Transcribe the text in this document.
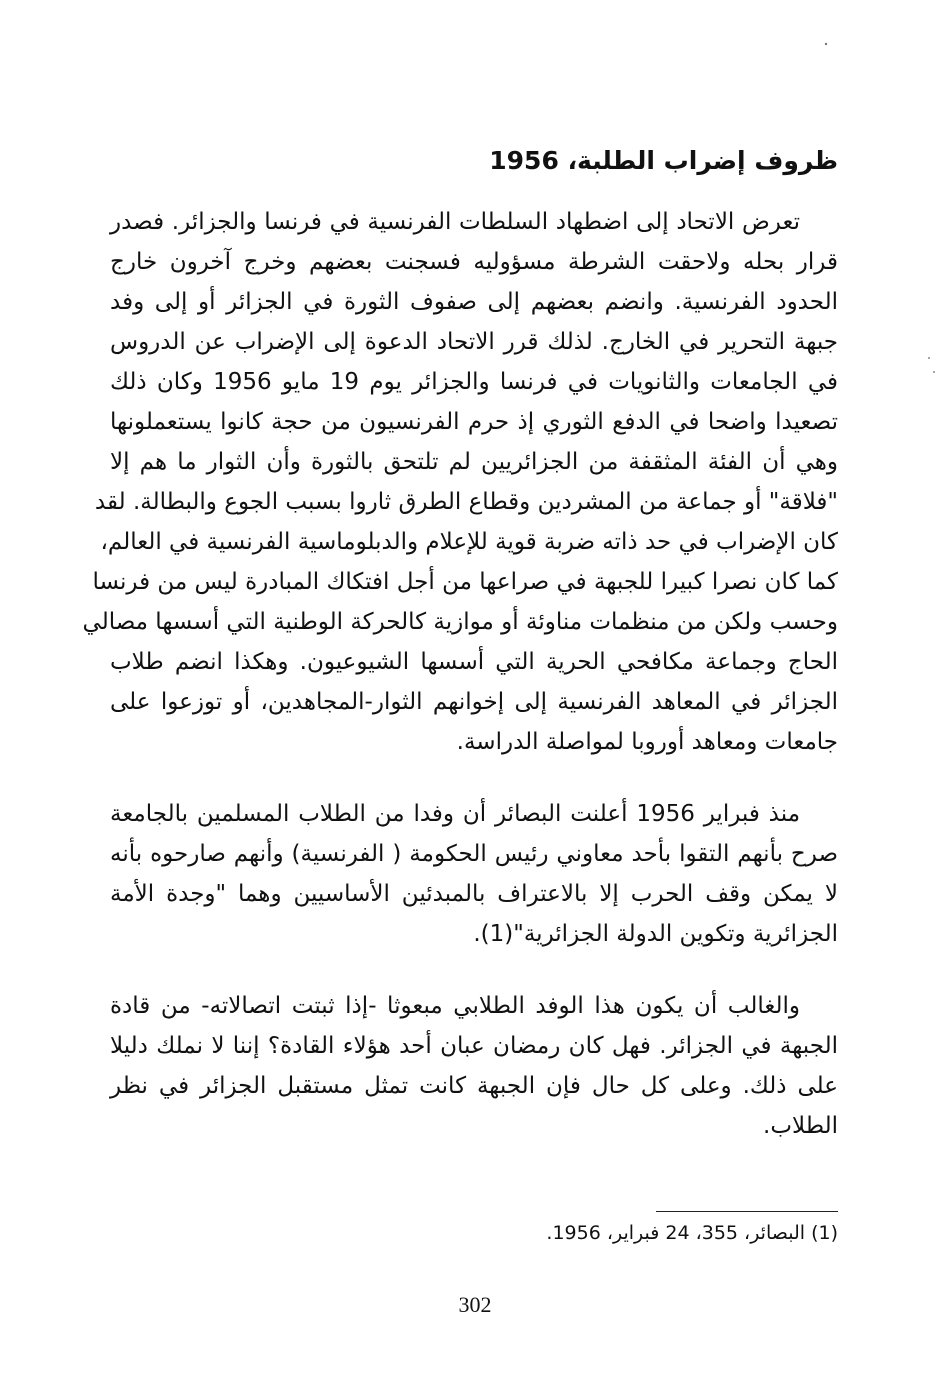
ظروف إضراب الطلبة، 1956
تعرض الاتحاد إلى اضطهاد السلطات الفرنسية في فرنسا والجزائر. فصدر
قرار بحله ولاحقت الشرطة مسؤوليه فسجنت بعضهم وخرج آخرون خارج
الحدود الفرنسية. وانضم بعضهم إلى صفوف الثورة في الجزائر أو إلى وفد
جبهة التحرير في الخارج. لذلك قرر الاتحاد الدعوة إلى الإضراب عن الدروس
في الجامعات والثانويات في فرنسا والجزائر يوم 19 مايو 1956 وكان ذلك
تصعيدا واضحا في الدفع الثوري إذ حرم الفرنسيون من حجة كانوا يستعملونها
وهي أن الفئة المثقفة من الجزائريين لم تلتحق بالثورة وأن الثوار ما هم إلا
"فلاقة" أو جماعة من المشردين وقطاع الطرق ثاروا بسبب الجوع والبطالة. لقد
كان الإضراب في حد ذاته ضربة قوية للإعلام والدبلوماسية الفرنسية في العالم،
كما كان نصرا كبيرا للجبهة في صراعها من أجل افتكاك المبادرة ليس من فرنسا
وحسب ولكن من منظمات مناوئة أو موازية كالحركة الوطنية التي أسسها مصالي
الحاج وجماعة مكافحي الحرية التي أسسها الشيوعيون. وهكذا انضم طلاب
الجزائر في المعاهد الفرنسية إلى إخوانهم الثوار-المجاهدين، أو توزعوا على
جامعات ومعاهد أوروبا لمواصلة الدراسة.
منذ فبراير 1956 أعلنت البصائر أن وفدا من الطلاب المسلمين بالجامعة
صرح بأنهم التقوا بأحد معاوني رئيس الحكومة ( الفرنسية) وأنهم صارحوه بأنه
لا يمكن وقف الحرب إلا بالاعتراف بالمبدئين الأساسيين وهما "وجدة الأمة
الجزائرية وتكوين الدولة الجزائرية"(1).
والغالب أن يكون هذا الوفد الطلابي مبعوثا -إذا ثبتت اتصالاته- من قادة
الجبهة في الجزائر. فهل كان رمضان عبان أحد هؤلاء القادة؟ إننا لا نملك دليلا
على ذلك. وعلى كل حال فإن الجبهة كانت تمثل مستقبل الجزائر في نظر
الطلاب.
(1) البصائر، 355، 24 فبراير، 1956.
302
